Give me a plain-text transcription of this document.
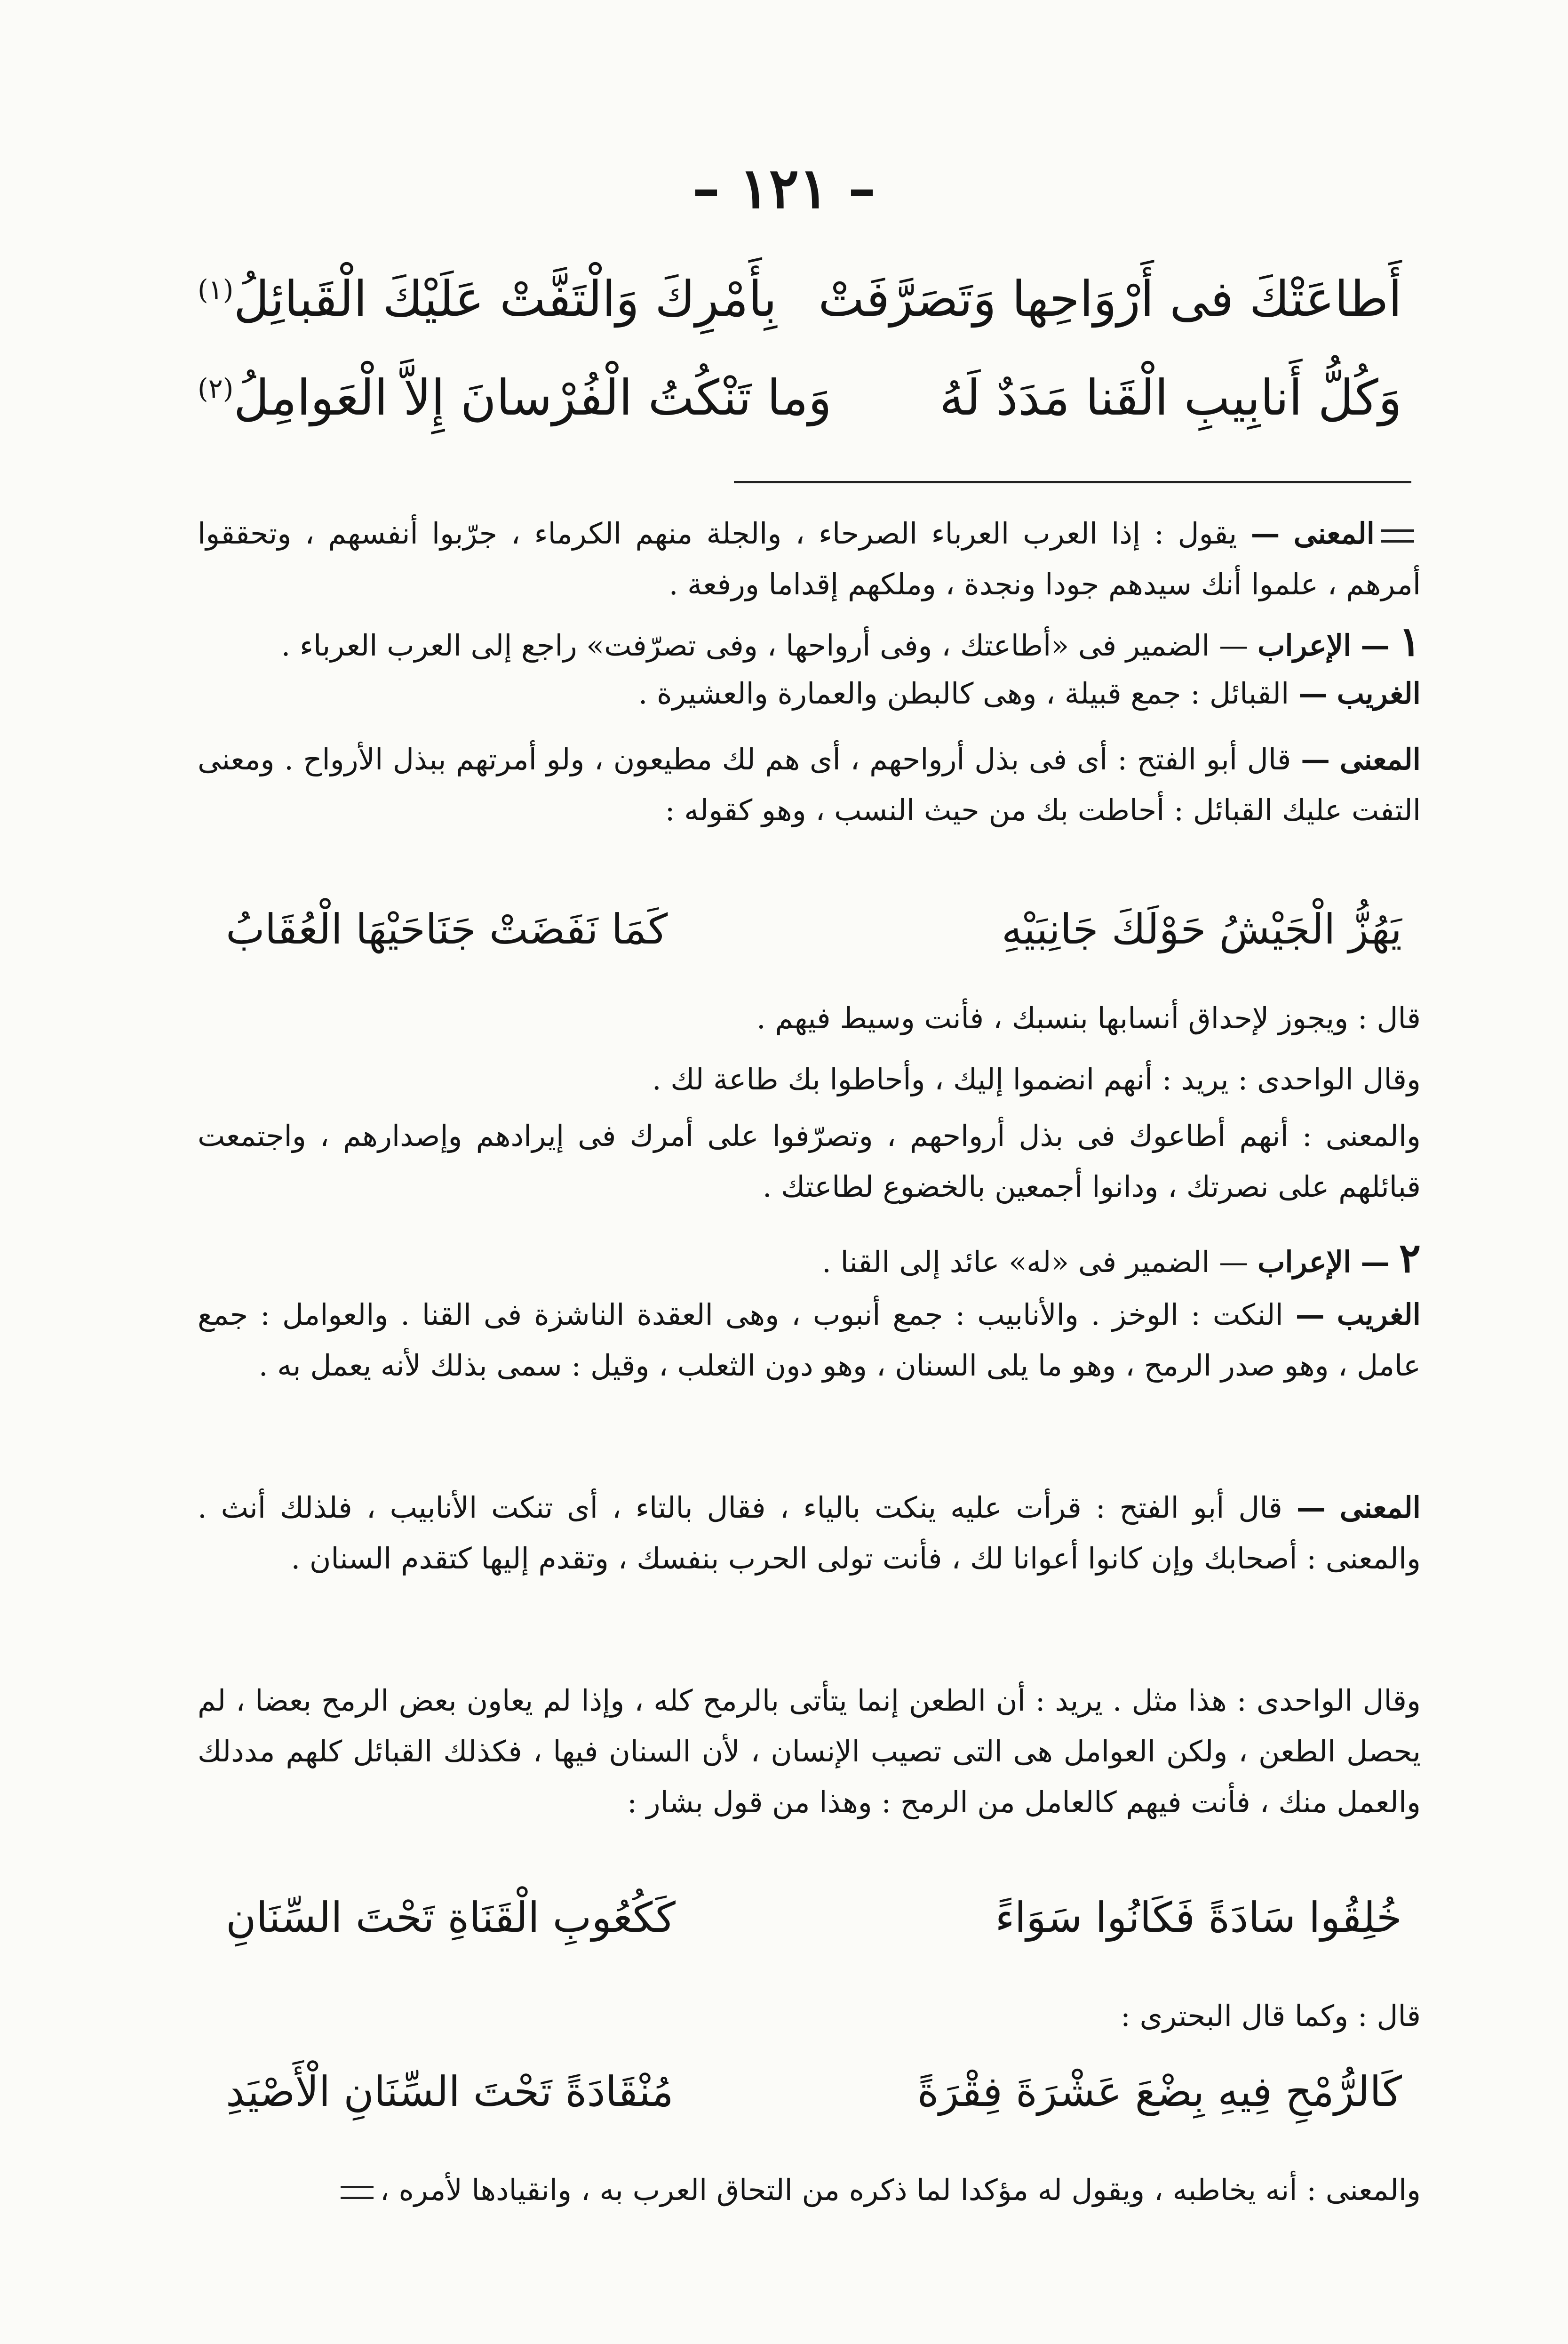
– ١٢١ –
أَطاعَتْكَ فى أَرْوَاحِها وَتَصَرَّفَتْ
بِأَمْرِكَ وَالْتَفَّتْ عَلَيْكَ الْقَبائِلُ$^{(١)}$
وَكُلُّ أَنابِيبِ الْقَنا مَدَدٌ لَهُ
وَما تَنْكُتُ الْفُرْسانَ إِلاَّ الْعَوامِلُ$^{(٢)}$
المعنى — يقول : إذا العرب العرباء الصرحاء ، والجلة منهم الكرماء ، جرّبوا أنفسهم ، وتحققوا أمرهم ، علموا أنك سيدهم جودا ونجدة ، وملكهم إقداما ورفعة .
١ — الإعراب — الضمير فى «أطاعتك ، وفى أرواحها ، وفى تصرّفت» راجع إلى العرب العرباء .
الغريب — القبائل : جمع قبيلة ، وهى كالبطن والعمارة والعشيرة .
المعنى — قال أبو الفتح : أى فى بذل أرواحهم ، أى هم لك مطيعون ، ولو أمرتهم ببذل الأرواح . ومعنى التفت عليك القبائل : أحاطت بك من حيث النسب ، وهو كقوله :
يَهُزُّ الْجَيْشُ حَوْلَكَ جَانِبَيْهِ
كَمَا نَفَضَتْ جَنَاحَيْهَا الْعُقَابُ
قال : ويجوز لإحداق أنسابها بنسبك ، فأنت وسيط فيهم .
وقال الواحدى : يريد : أنهم انضموا إليك ، وأحاطوا بك طاعة لك .
والمعنى : أنهم أطاعوك فى بذل أرواحهم ، وتصرّفوا على أمرك فى إيرادهم وإصدارهم ، واجتمعت قبائلهم على نصرتك ، ودانوا أجمعين بالخضوع لطاعتك .
٢ — الإعراب — الضمير فى «له» عائد إلى القنا .
الغريب — النكت : الوخز . والأنابيب : جمع أنبوب ، وهى العقدة الناشزة فى القنا . والعوامل : جمع عامل ، وهو صدر الرمح ، وهو ما يلى السنان ، وهو دون الثعلب ، وقيل : سمى بذلك لأنه يعمل به .
المعنى — قال أبو الفتح : قرأت عليه ينكت بالياء ، فقال بالتاء ، أى تنكت الأنابيب ، فلذلك أنث . والمعنى : أصحابك وإن كانوا أعوانا لك ، فأنت تولى الحرب بنفسك ، وتقدم إليها كتقدم السنان .
وقال الواحدى : هذا مثل . يريد : أن الطعن إنما يتأتى بالرمح كله ، وإذا لم يعاون بعض الرمح بعضا ، لم يحصل الطعن ، ولكن العوامل هى التى تصيب الإنسان ، لأن السنان فيها ، فكذلك القبائل كلهم مددلك والعمل منك ، فأنت فيهم كالعامل من الرمح : وهذا من قول بشار :
خُلِقُوا سَادَةً فَكَانُوا سَوَاءً
كَكُعُوبِ الْقَنَاةِ تَحْتَ السِّنَانِ
قال : وكما قال البحترى :
كَالرُّمْحِ فِيهِ بِضْعَ عَشْرَةَ فِقْرَةً
مُنْقَادَةً تَحْتَ السِّنَانِ الْأَصْيَدِ
والمعنى : أنه يخاطبه ، ويقول له مؤكدا لما ذكره من التحاق العرب به ، وانقيادها لأمره ،
